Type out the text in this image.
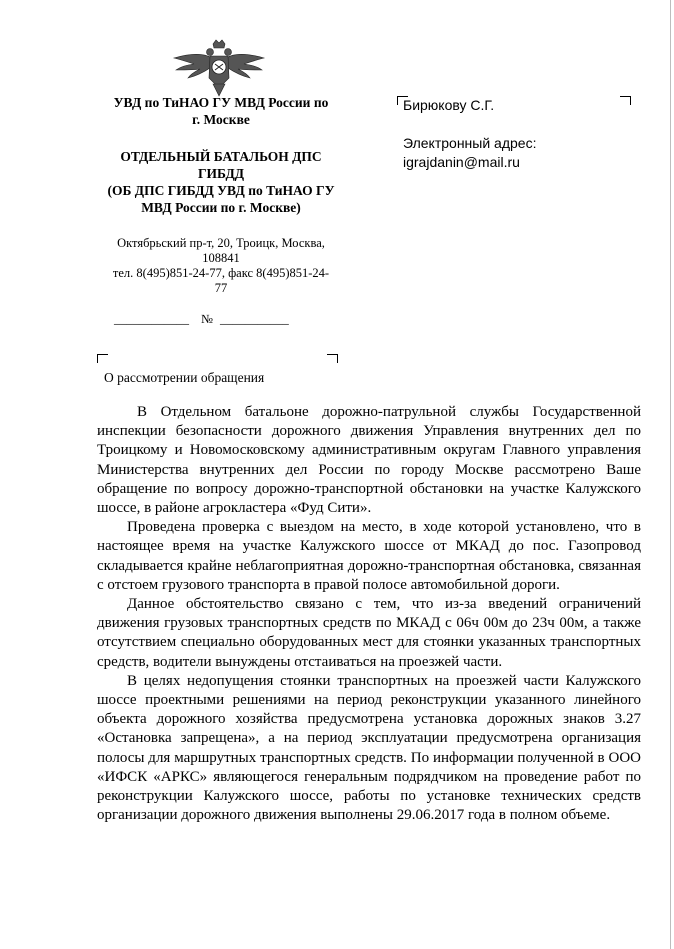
УВД по ТиНАО ГУ МВД России по
г. Москве
ОТДЕЛЬНЫЙ БАТАЛЬОН ДПС
ГИБДД
(ОБ ДПС ГИБДД УВД по ТиНАО ГУ
МВД России по г. Москве)
Октябрьский пр-т, 20, Троицк, Москва,
108841
тел. 8(495)851-24-77, факс 8(495)851-24-
77
____________ № ___________
Бирюкову С.Г.
Электронный адрес:
igrajdanin@mail.ru
О рассмотрении обращения

В Отдельном батальоне дорожно-патрульной службы Государственной инспекции безопасности дорожного движения Управления внутренних дел по Троицкому и Новомосковскому административным округам Главного управления Министерства внутренних дел России по городу Москве рассмотрено Ваше обращение по вопросу дорожно-транспортной обстановки на участке Калужского шоссе, в районе агрокластера «Фуд Сити».

Проведена проверка с выездом на место, в ходе которой установлено, что в настоящее время на участке Калужского шоссе от МКАД до пос. Газопровод складывается крайне неблагоприятная дорожно-транспортная обстановка, связанная с отстоем грузового транспорта в правой полосе автомобильной дороги.

Данное обстоятельство связано с тем, что из-за введений ограничений движения грузовых транспортных средств по МКАД с 06ч 00м до 23ч 00м, а также отсутствием специально оборудованных мест для стоянки указанных транспортных средств, водители вынуждены отстаиваться на проезжей части.

В целях недопущения стоянки транспортных на проезжей части Калужского шоссе проектными решениями на период реконструкции указанного линейного объекта дорожного хозяйства предусмотрена установка дорожных знаков 3.27 «Остановка запрещена», а на период эксплуатации предусмотрена организация полосы для маршрутных транспортных средств. По информации полученной в ООО «ИФСК «АРКС» являющегося генеральным подрядчиком на проведение работ по реконструкции Калужского шоссе, работы по установке технических средств организации дорожного движения выполнены 29.06.2017 года в полном объеме.
